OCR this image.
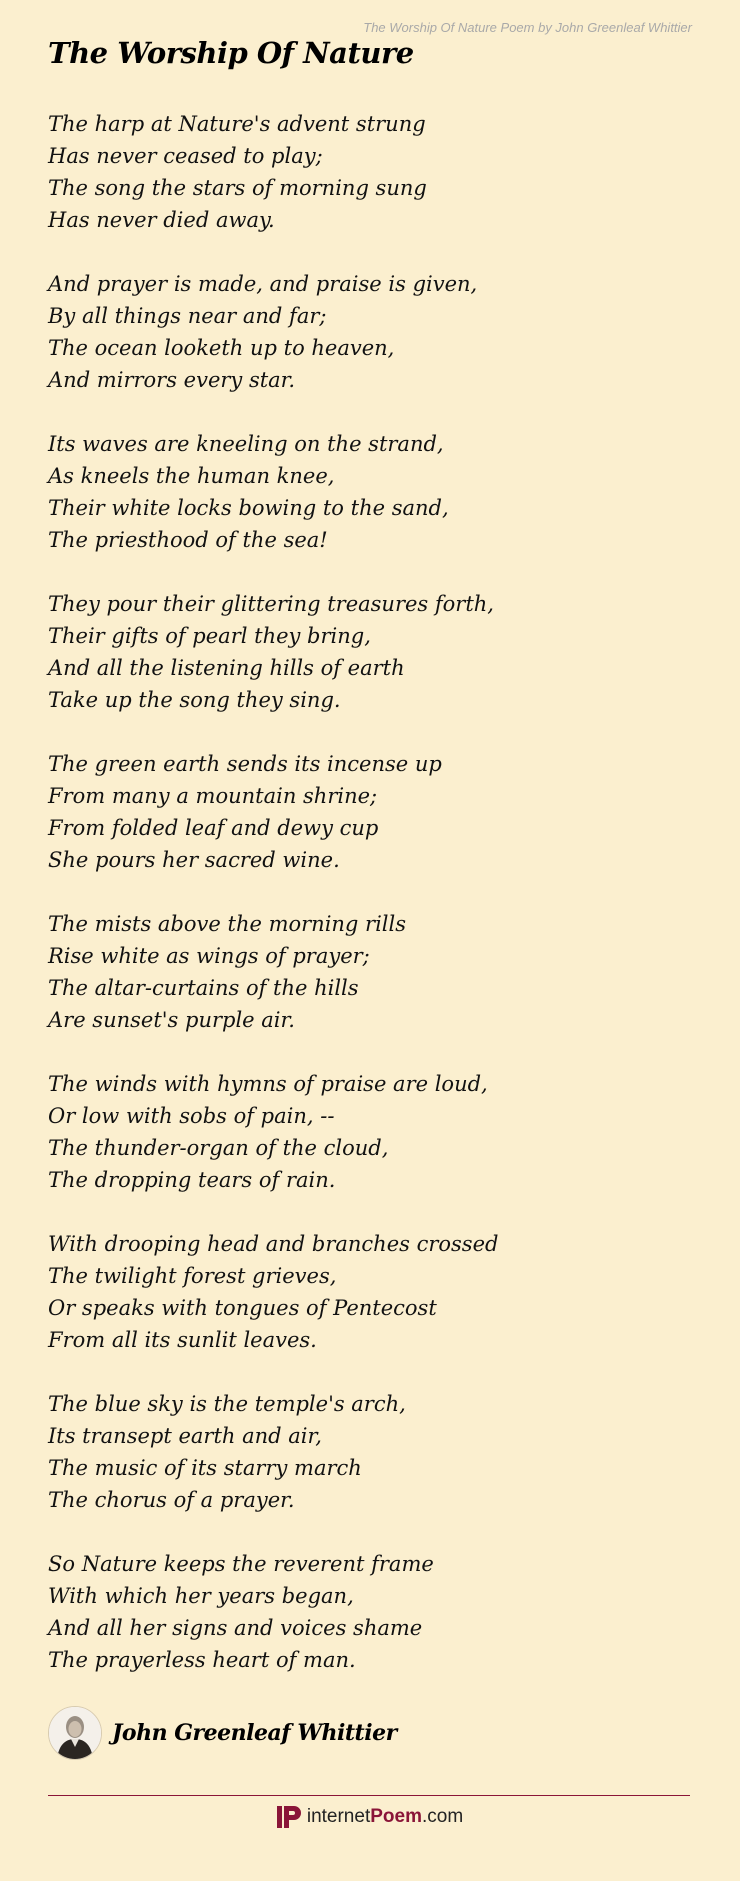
The Worship Of Nature Poem by John Greenleaf Whittier
The Worship Of Nature
The harp at Nature's advent strung
Has never ceased to play;
The song the stars of morning sung
Has never died away.
And prayer is made, and praise is given,
By all things near and far;
The ocean looketh up to heaven,
And mirrors every star.
Its waves are kneeling on the strand,
As kneels the human knee,
Their white locks bowing to the sand,
The priesthood of the sea!
They pour their glittering treasures forth,
Their gifts of pearl they bring,
And all the listening hills of earth
Take up the song they sing.
The green earth sends its incense up
From many a mountain shrine;
From folded leaf and dewy cup
She pours her sacred wine.
The mists above the morning rills
Rise white as wings of prayer;
The altar-curtains of the hills
Are sunset's purple air.
The winds with hymns of praise are loud,
Or low with sobs of pain, --
The thunder-organ of the cloud,
The dropping tears of rain.
With drooping head and branches crossed
The twilight forest grieves,
Or speaks with tongues of Pentecost
From all its sunlit leaves.
The blue sky is the temple's arch,
Its transept earth and air,
The music of its starry march
The chorus of a prayer.
So Nature keeps the reverent frame
With which her years began,
And all her signs and voices shame
The prayerless heart of man.
John Greenleaf Whittier
internetPoem.com
